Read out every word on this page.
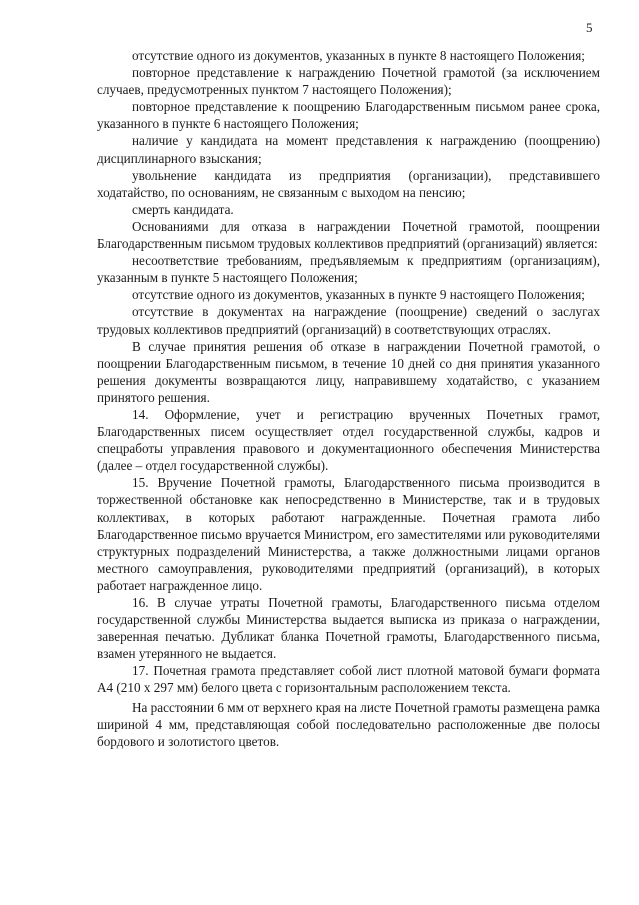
5

отсутствие одного из документов, указанных в пункте 8 настоящего Положения;

повторное представление к награждению Почетной грамотой (за исключением случаев, предусмотренных пунктом 7 настоящего Положения);

повторное представление к поощрению Благодарственным письмом ранее срока, указанного в пункте 6 настоящего Положения;

наличие у кандидата на момент представления к награждению (поощрению) дисциплинарного взыскания;

увольнение кандидата из предприятия (организации), представившего ходатайство, по основаниям, не связанным с выходом на пенсию;

смерть кандидата.

Основаниями для отказа в награждении Почетной грамотой, поощрении Благодарственным письмом трудовых коллективов предприятий (организаций) является:

несоответствие требованиям, предъявляемым к предприятиям (организациям), указанным в пункте 5 настоящего Положения;

отсутствие одного из документов, указанных в пункте 9 настоящего Положения;

отсутствие в документах на награждение (поощрение) сведений о заслугах трудовых коллективов предприятий (организаций) в соответствующих отраслях.

В случае принятия решения об отказе в награждении Почетной грамотой, о поощрении Благодарственным письмом, в течение 10 дней со дня принятия указанного решения документы возвращаются лицу, направившему ходатайство, с указанием принятого решения.

14. Оформление, учет и регистрацию врученных Почетных грамот, Благодарственных писем осуществляет отдел государственной службы, кадров и спецработы управления правового и документационного обеспечения Министерства (далее – отдел государственной службы).

15. Вручение Почетной грамоты, Благодарственного письма производится в торжественной обстановке как непосредственно в Министерстве, так и в трудовых коллективах, в которых работают награжденные. Почетная грамота либо Благодарственное письмо вручается Министром, его заместителями или руководителями структурных подразделений Министерства, а также должностными лицами органов местного самоуправления, руководителями предприятий (организаций), в которых работает награжденное лицо.

16. В случае утраты Почетной грамоты, Благодарственного письма отделом государственной службы Министерства выдается выписка из приказа о награждении, заверенная печатью. Дубликат бланка Почетной грамоты, Благодарственного письма, взамен утерянного не выдается.

17. Почетная грамота представляет собой лист плотной матовой бумаги формата А4 (210 х 297 мм) белого цвета с горизонтальным расположением текста.

На расстоянии 6 мм от верхнего края на листе Почетной грамоты размещена рамка шириной 4 мм, представляющая собой последовательно расположенные две полосы бордового и золотистого цветов.
